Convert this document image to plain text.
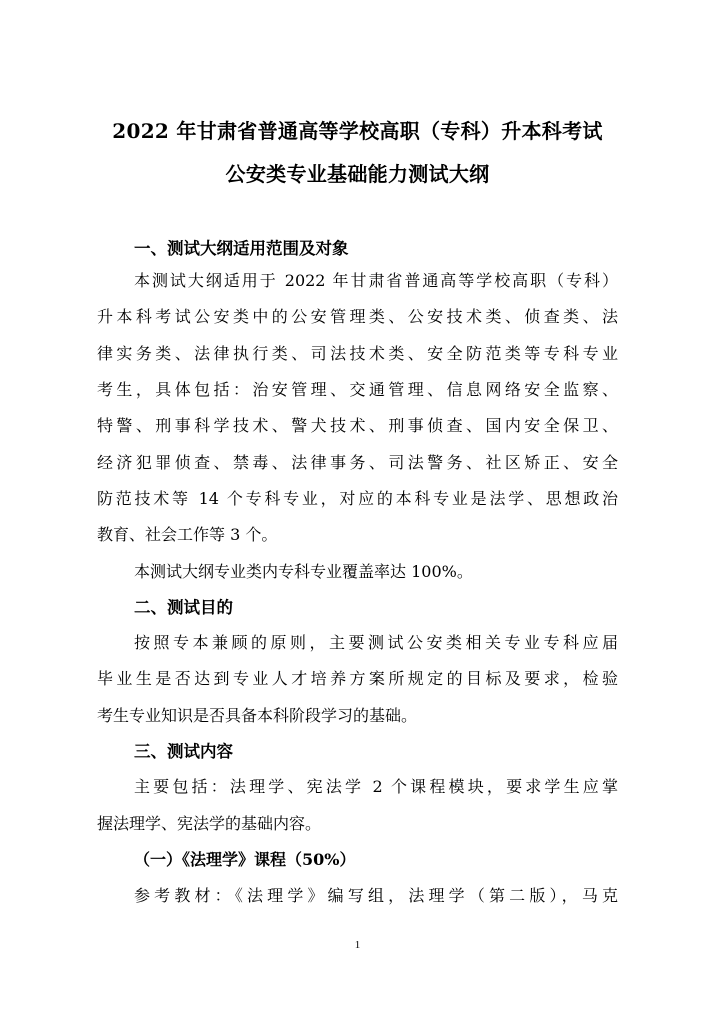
2022 年甘肃省普通高等学校高职（专科）升本科考试
公安类专业基础能力测试大纲
一、测试大纲适用范围及对象
本测试大纲适用于 2022 年甘肃省普通高等学校高职（专科）
升本科考试公安类中的公安管理类、公安技术类、侦查类、法
律实务类、法律执行类、司法技术类、安全防范类等专科专业
考生，具体包括：治安管理、交通管理、信息网络安全监察、
特警、刑事科学技术、警犬技术、刑事侦查、国内安全保卫、
经济犯罪侦查、禁毒、法律事务、司法警务、社区矫正、安全
防范技术等 14 个专科专业，对应的本科专业是法学、思想政治
教育、社会工作等 3 个。
本测试大纲专业类内专科专业覆盖率达 100%。
二、测试目的
按照专本兼顾的原则，主要测试公安类相关专业专科应届
毕业生是否达到专业人才培养方案所规定的目标及要求，检验
考生专业知识是否具备本科阶段学习的基础。
三、测试内容
主要包括：法理学、宪法学 2 个课程模块，要求学生应掌
握法理学、宪法学的基础内容。
（一）《法理学》课程（50%）
参考教材：《法理学》编写组，法理学（第二版），马克
1
